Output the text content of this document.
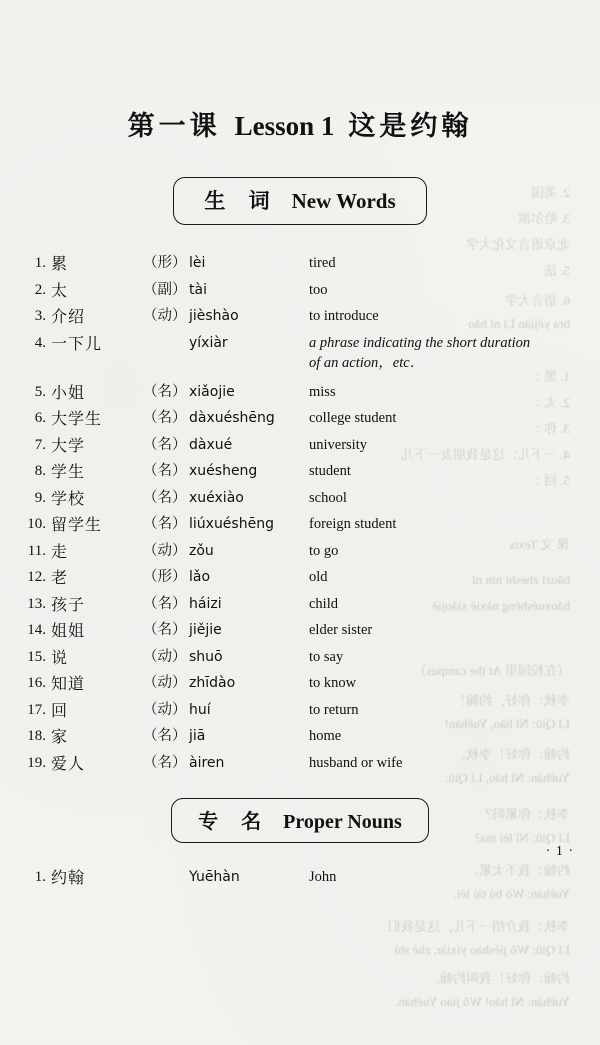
第一课 Lesson 1 这是约翰
生 词 New Words
1. 累	（形） lèi	tired
2. 太	（副） tài	too
3. 介绍	（动） jièshào	to introduce
4. 一下儿	yíxiàr	a phrase indicating the short duration
of an action，etc．
5. 小姐	（名） xiǎojie	miss
6. 大学生	（名） dàxuéshēng	college student
7. 大学	（名） dàxué	university
8. 学生	（名） xuésheng	student
9. 学校	（名） xuéxiào	school
10. 留学生	（名） liúxuéshēng	foreign student
11. 走	（动） zǒu	to go
12. 老	（形） lǎo	old
13. 孩子	（名） háizi	child
14. 姐姐	（名） jiějie	elder sister
15. 说	（动） shuō	to say
16. 知道	（动） zhīdào	to know
17. 回	（动） huí	to return
18. 家	（名） jiā	home
19. 爱人	（名） àiren	husband or wife
专 名 Proper Nouns
1. 约翰	Yuēhàn	John
· 1 ·
